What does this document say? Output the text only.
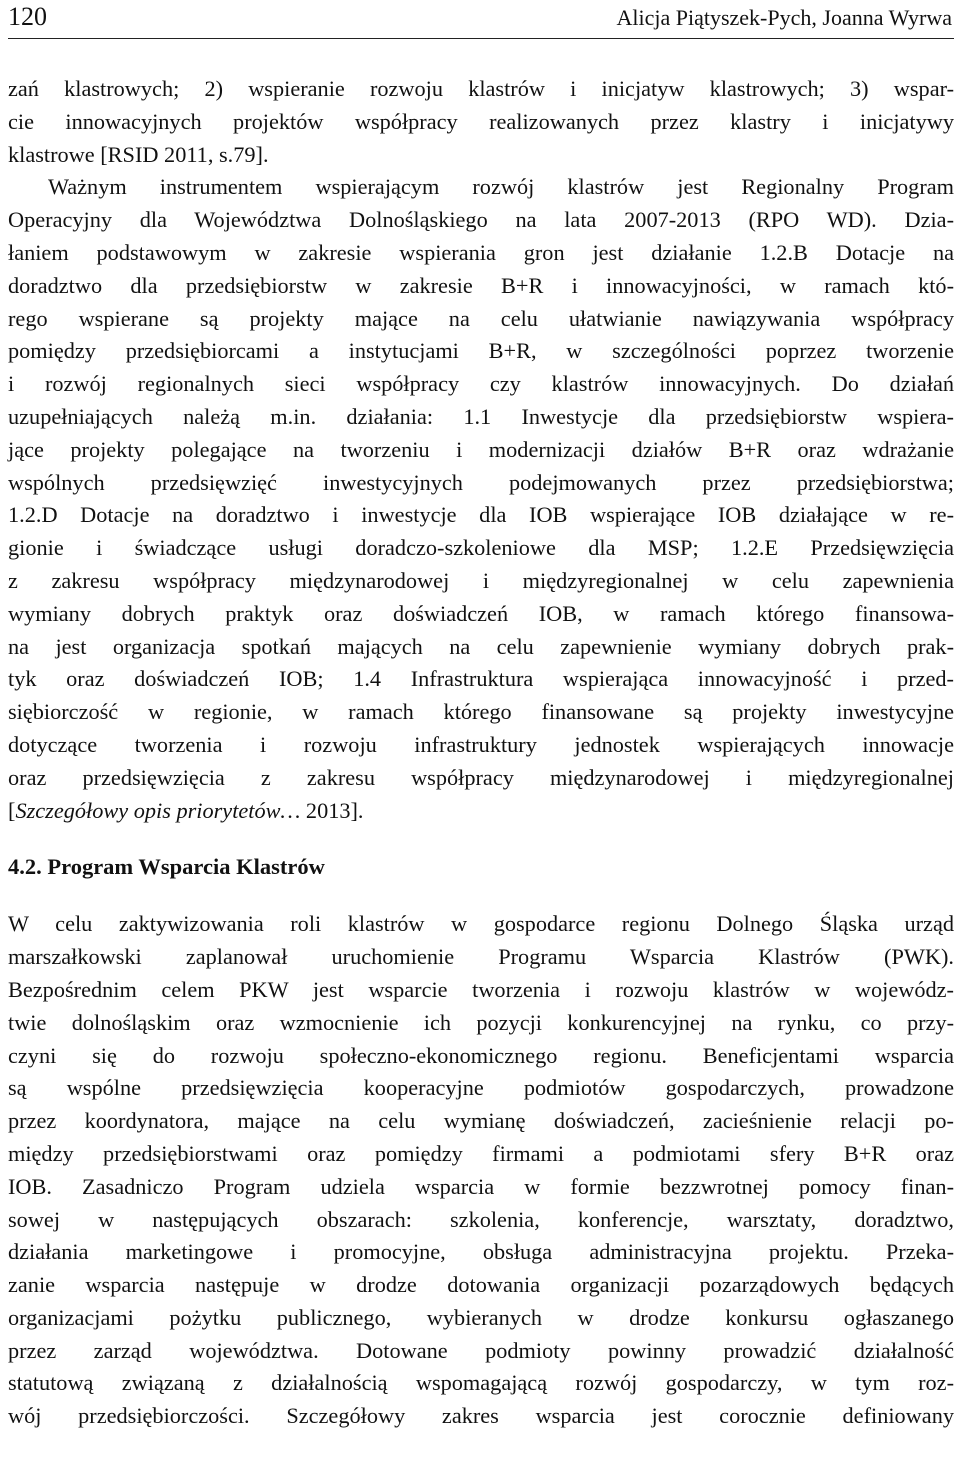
120	Alicja Piątyszek-Pych, Joanna Wyrwa

zań klastrowych; 2) wspieranie rozwoju klastrów i inicjatyw klastrowych; 3) wspar-
cie innowacyjnych projektów współpracy realizowanych przez klastry i inicjatywy
klastrowe [RSID 2011, s.79].

Ważnym instrumentem wspierającym rozwój klastrów jest Regionalny Program
Operacyjny dla Województwa Dolnośląskiego na lata 2007-2013 (RPO WD). Dzia-
łaniem podstawowym w zakresie wspierania gron jest działanie 1.2.B Dotacje na
doradztwo dla przedsiębiorstw w zakresie B+R i innowacyjności, w ramach któ-
rego wspierane są projekty mające na celu ułatwianie nawiązywania współpracy
pomiędzy przedsiębiorcami a instytucjami B+R, w szczególności poprzez tworzenie
i rozwój regionalnych sieci współpracy czy klastrów innowacyjnych. Do działań
uzupełniających należą m.in. działania: 1.1 Inwestycje dla przedsiębiorstw wspiera-
jące projekty polegające na tworzeniu i modernizacji działów B+R oraz wdrażanie
wspólnych przedsięwzięć inwestycyjnych podejmowanych przez przedsiębiorstwa;
1.2.D Dotacje na doradztwo i inwestycje dla IOB wspierające IOB działające w re-
gionie i świadczące usługi doradczo-szkoleniowe dla MSP; 1.2.E Przedsięwzięcia
z zakresu współpracy międzynarodowej i międzyregionalnej w celu zapewnienia
wymiany dobrych praktyk oraz doświadczeń IOB, w ramach którego finansowa-
na jest organizacja spotkań mających na celu zapewnienie wymiany dobrych prak-
tyk oraz doświadczeń IOB; 1.4 Infrastruktura wspierająca innowacyjność i przed-
siębiorczość w regionie, w ramach którego finansowane są projekty inwestycyjne
dotyczące tworzenia i rozwoju infrastruktury jednostek wspierających innowacje
oraz przedsięwzięcia z zakresu współpracy międzynarodowej i międzyregionalnej
[Szczegółowy opis priorytetów… 2013].

4.2. Program Wsparcia Klastrów

W celu zaktywizowania roli klastrów w gospodarce regionu Dolnego Śląska urząd
marszałkowski zaplanował uruchomienie Programu Wsparcia Klastrów (PWK).
Bezpośrednim celem PKW jest wsparcie tworzenia i rozwoju klastrów w wojewódz-
twie dolnośląskim oraz wzmocnienie ich pozycji konkurencyjnej na rynku, co przy-
czyni się do rozwoju społeczno-ekonomicznego regionu. Beneficjentami wsparcia
są wspólne przedsięwzięcia kooperacyjne podmiotów gospodarczych, prowadzone
przez koordynatora, mające na celu wymianę doświadczeń, zacieśnienie relacji po-
między przedsiębiorstwami oraz pomiędzy firmami a podmiotami sfery B+R oraz
IOB. Zasadniczo Program udziela wsparcia w formie bezzwrotnej pomocy finan-
sowej w następujących obszarach: szkolenia, konferencje, warsztaty, doradztwo,
działania marketingowe i promocyjne, obsługa administracyjna projektu. Przeka-
zanie wsparcia następuje w drodze dotowania organizacji pozarządowych będących
organizacjami pożytku publicznego, wybieranych w drodze konkursu ogłaszanego
przez zarząd województwa. Dotowane podmioty powinny prowadzić działalność
statutową związaną z działalnością wspomagającą rozwój gospodarczy, w tym roz-
wój przedsiębiorczości. Szczegółowy zakres wsparcia jest corocznie definiowany
